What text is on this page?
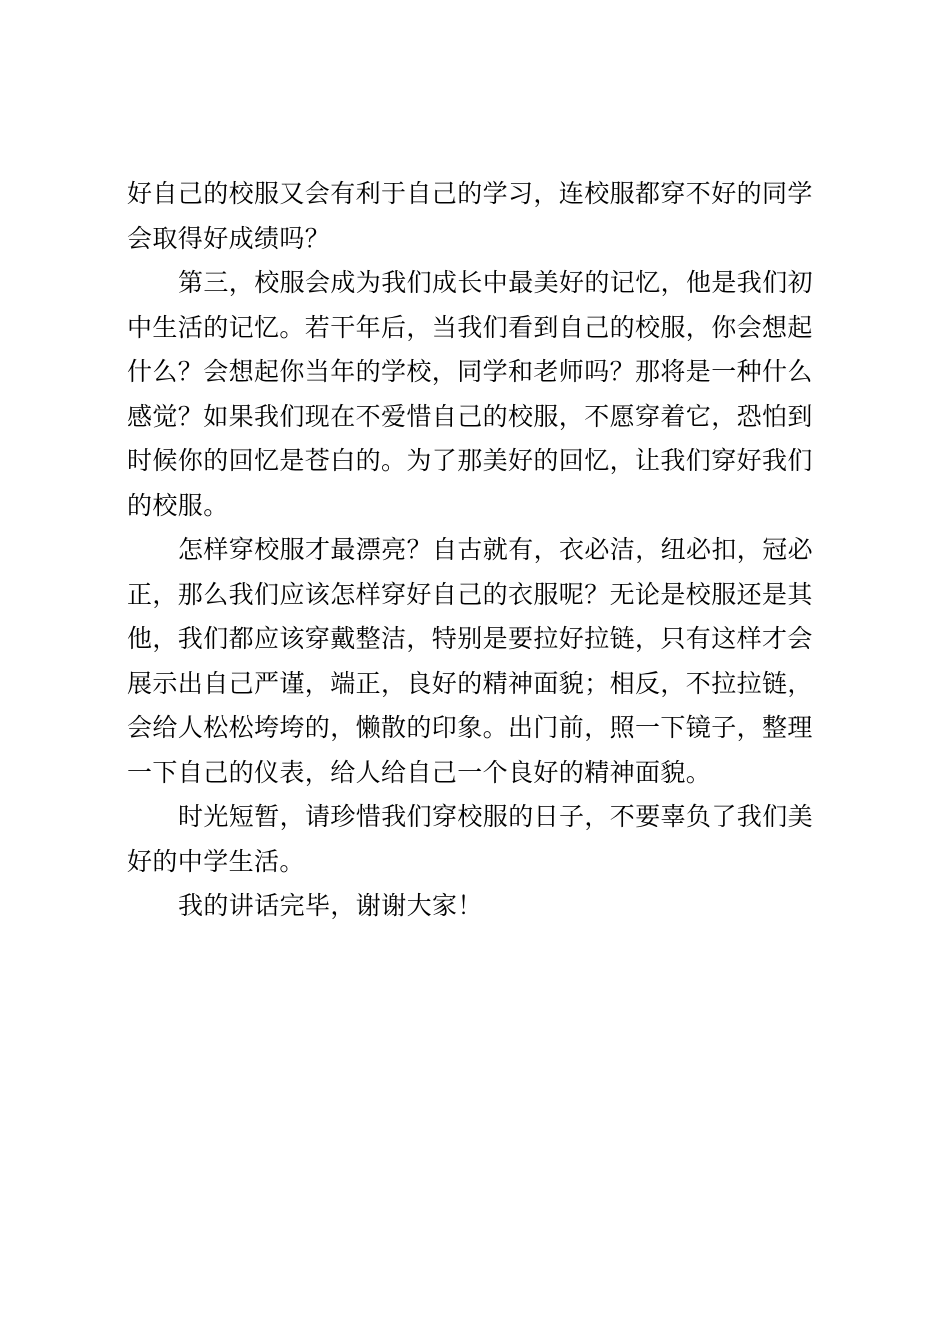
好自己的校服又会有利于自己的学习，连校服都穿不好的同学
会取得好成绩吗？
第三，校服会成为我们成长中最美好的记忆，他是我们初
中生活的记忆。若干年后，当我们看到自己的校服，你会想起
什么？会想起你当年的学校，同学和老师吗？那将是一种什么
感觉？如果我们现在不爱惜自己的校服，不愿穿着它，恐怕到
时候你的回忆是苍白的。为了那美好的回忆，让我们穿好我们
的校服。
怎样穿校服才最漂亮？自古就有，衣必洁，纽必扣，冠必
正，那么我们应该怎样穿好自己的衣服呢？无论是校服还是其
他，我们都应该穿戴整洁，特别是要拉好拉链，只有这样才会
展示出自己严谨，端正，良好的精神面貌；相反，不拉拉链，
会给人松松垮垮的，懒散的印象。出门前，照一下镜子，整理
一下自己的仪表，给人给自己一个良好的精神面貌。
时光短暂，请珍惜我们穿校服的日子，不要辜负了我们美
好的中学生活。
我的讲话完毕，谢谢大家！
